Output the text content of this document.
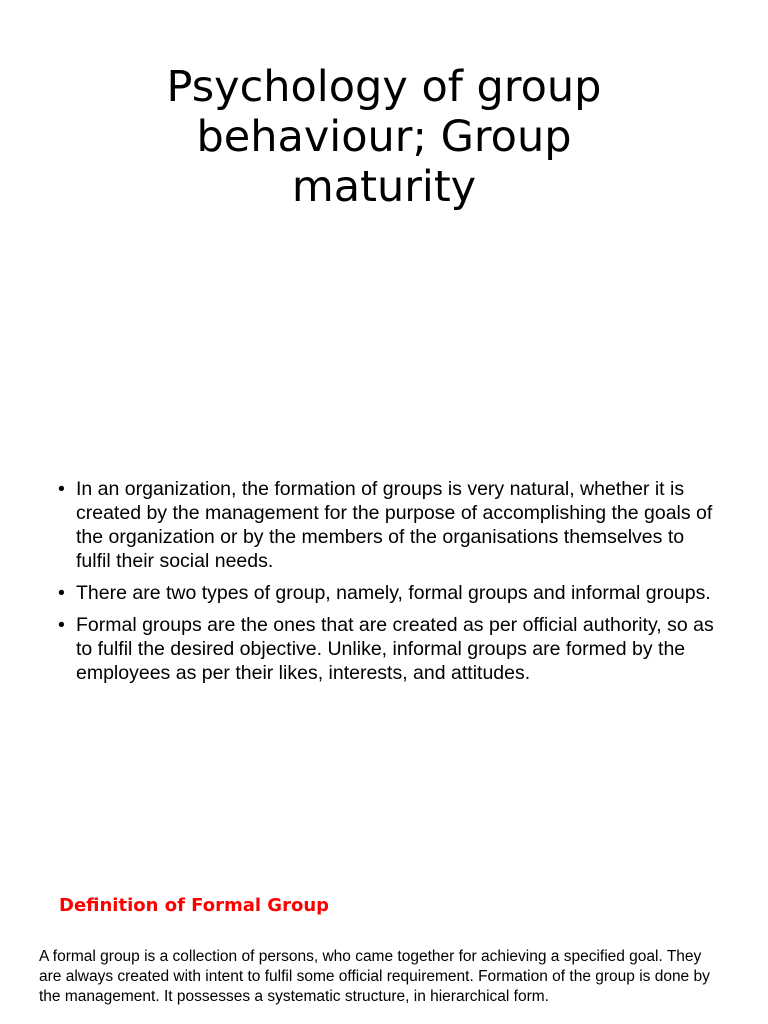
Psychology of group
behaviour; Group
maturity
• In an organization, the formation of groups is very natural, whether it is created by the management for the purpose of accomplishing the goals of the organization or by the members of the organisations themselves to fulfil their social needs.
• There are two types of group, namely, formal groups and informal groups.
• Formal groups are the ones that are created as per official authority, so as to fulfil the desired objective. Unlike, informal groups are formed by the employees as per their likes, interests, and attitudes.
Definition of Formal Group

A formal group is a collection of persons, who came together for achieving a specified goal. They are always created with intent to fulfil some official requirement. Formation of the group is done by the management. It possesses a systematic structure, in hierarchical form.
